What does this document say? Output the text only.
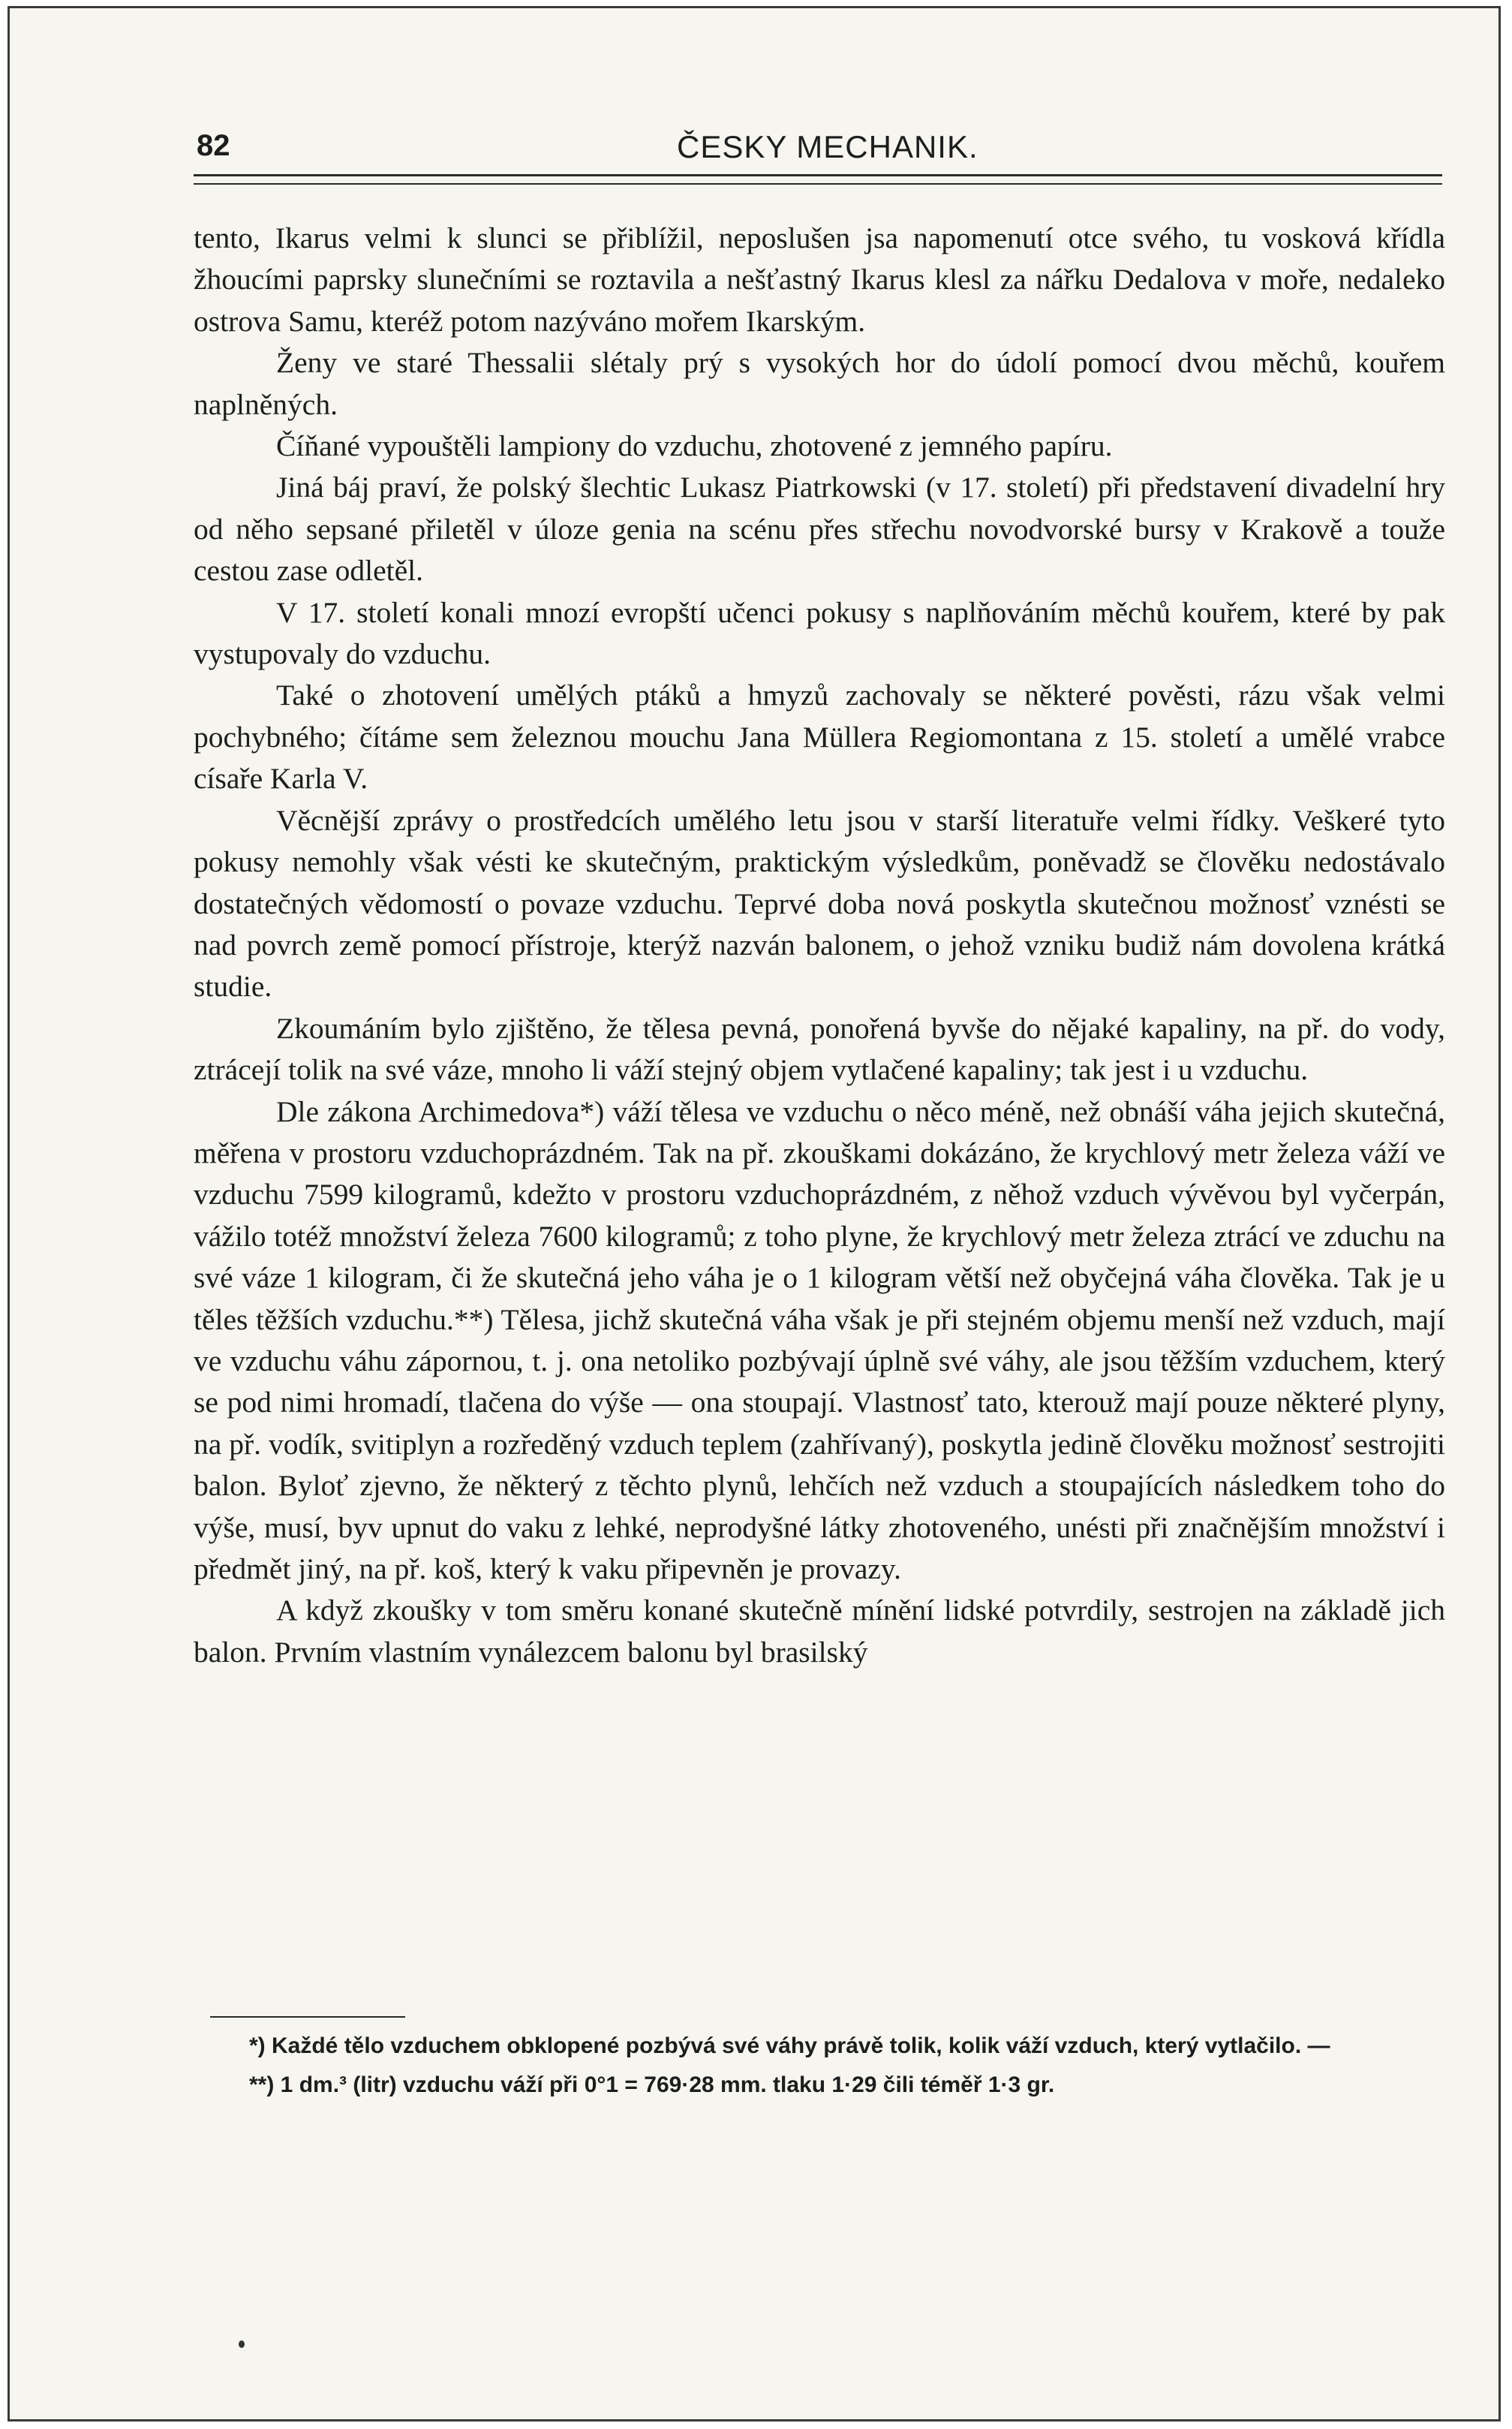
82	ČESKY MECHANIK.

tento, Ikarus velmi k slunci se přiblížil, neposlušen jsa napomenutí otce svého, tu vosková křídla žhoucími paprsky slunečními se roztavila a nešťastný Ikarus klesl za nářku Dedalova v moře, nedaleko ostrova Samu, kteréž potom nazýváno mořem Ikarským.

Ženy ve staré Thessalii slétaly prý s vysokých hor do údolí pomocí dvou měchů, kouřem naplněných.

Číňané vypouštěli lampiony do vzduchu, zhotovené z jemného papíru.

Jiná báj praví, že polský šlechtic Lukasz Piatrkowski (v 17. století) při představení divadelní hry od něho sepsané přiletěl v úloze genia na scénu přes střechu novodvorské bursy v Krakově a touže cestou zase odletěl.

V 17. století konali mnozí evropští učenci pokusy s naplňováním měchů kouřem, které by pak vystupovaly do vzduchu.

Také o zhotovení umělých ptáků a hmyzů zachovaly se některé pověsti, rázu však velmi pochybného; čítáme sem železnou mouchu Jana Müllera Regiomontana z 15. století a umělé vrabce císaře Karla V.

Věcnější zprávy o prostředcích umělého letu jsou v starší literatuře velmi řídky. Veškeré tyto pokusy nemohly však vésti ke skutečným, praktickým výsledkům, poněvadž se člověku nedostávalo dostatečných vědomostí o povaze vzduchu. Teprvé doba nová poskytla skutečnou možnosť vznésti se nad povrch země pomocí přístroje, kterýž nazván balonem, o jehož vzniku budiž nám dovolena krátká studie.

Zkoumáním bylo zjištěno, že tělesa pevná, ponořená byvše do nějaké kapaliny, na př. do vody, ztrácejí tolik na své váze, mnoho li váží stejný objem vytlačené kapaliny; tak jest i u vzduchu.

Dle zákona Archimedova*) váží tělesa ve vzduchu o něco méně, než obnáší váha jejich skutečná, měřena v prostoru vzduchoprázdném. Tak na př. zkouškami dokázáno, že krychlový metr železa váží ve vzduchu 7599 kilogramů, kdežto v prostoru vzduchoprázdném, z něhož vzduch vývěvou byl vyčerpán, vážilo totéž množství železa 7600 kilogramů; z toho plyne, že krychlový metr železa ztrácí ve zduchu na své váze 1 kilogram, či že skutečná jeho váha je o 1 kilogram větší než obyčejná váha člověka. Tak je u těles těžších vzduchu.**) Tělesa, jichž skutečná váha však je při stejném objemu menší než vzduch, mají ve vzduchu váhu zápornou, t. j. ona netoliko pozbývají úplně své váhy, ale jsou těžším vzduchem, který se pod nimi hromadí, tlačena do výše — ona stoupají. Vlastnosť tato, kterouž mají pouze některé plyny, na př. vodík, svitiplyn a rozředěný vzduch teplem (zahřívaný), poskytla jedině člověku možnosť sestrojiti balon. Byloť zjevno, že některý z těchto plynů, lehčích než vzduch a stoupajících následkem toho do výše, musí, byv upnut do vaku z lehké, neprodyšné látky zhotoveného, unésti při značnějším množství i předmět jiný, na př. koš, který k vaku připevněn je provazy.

A když zkoušky v tom směru konané skutečně mínění lidské potvrdily, sestrojen na základě jich balon. Prvním vlastním vynálezcem balonu byl brasilský

*) Každé tělo vzduchem obklopené pozbývá své váhy právě tolik, kolik váží vzduch, který vytlačilo. —

**) 1 dm.³ (litr) vzduchu váží při 0°1 = 769·28 mm. tlaku 1·29 čili téměř 1·3 gr.
